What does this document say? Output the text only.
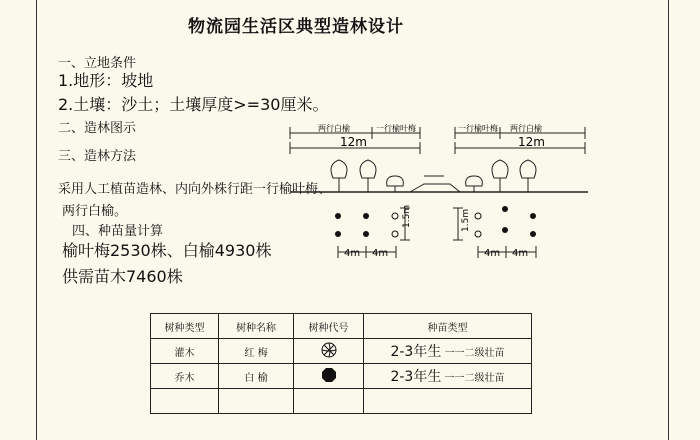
物流园生活区典型造林设计
一、立地条件
1.地形：坡地
2.土壤：沙土；土壤厚度>=30厘米。
二、造林图示
三、造林方法
采用人工植苗造林、内向外株行距一行榆叶梅、
两行白榆。
四、种苗量计算
榆叶梅2530株、白榆4930株
供需苗木7460株
两行白榆	一行榆叶梅
12m
一行榆叶梅 两行白榆
12m
1.5m	1.5m
4m 4m	4m 4m
树种类型	树种名称	树种代号	种苗类型
灌木	红 梅		2-3年生 一一二级壮苗
乔木	白 榆		2-3年生 一一二级壮苗
